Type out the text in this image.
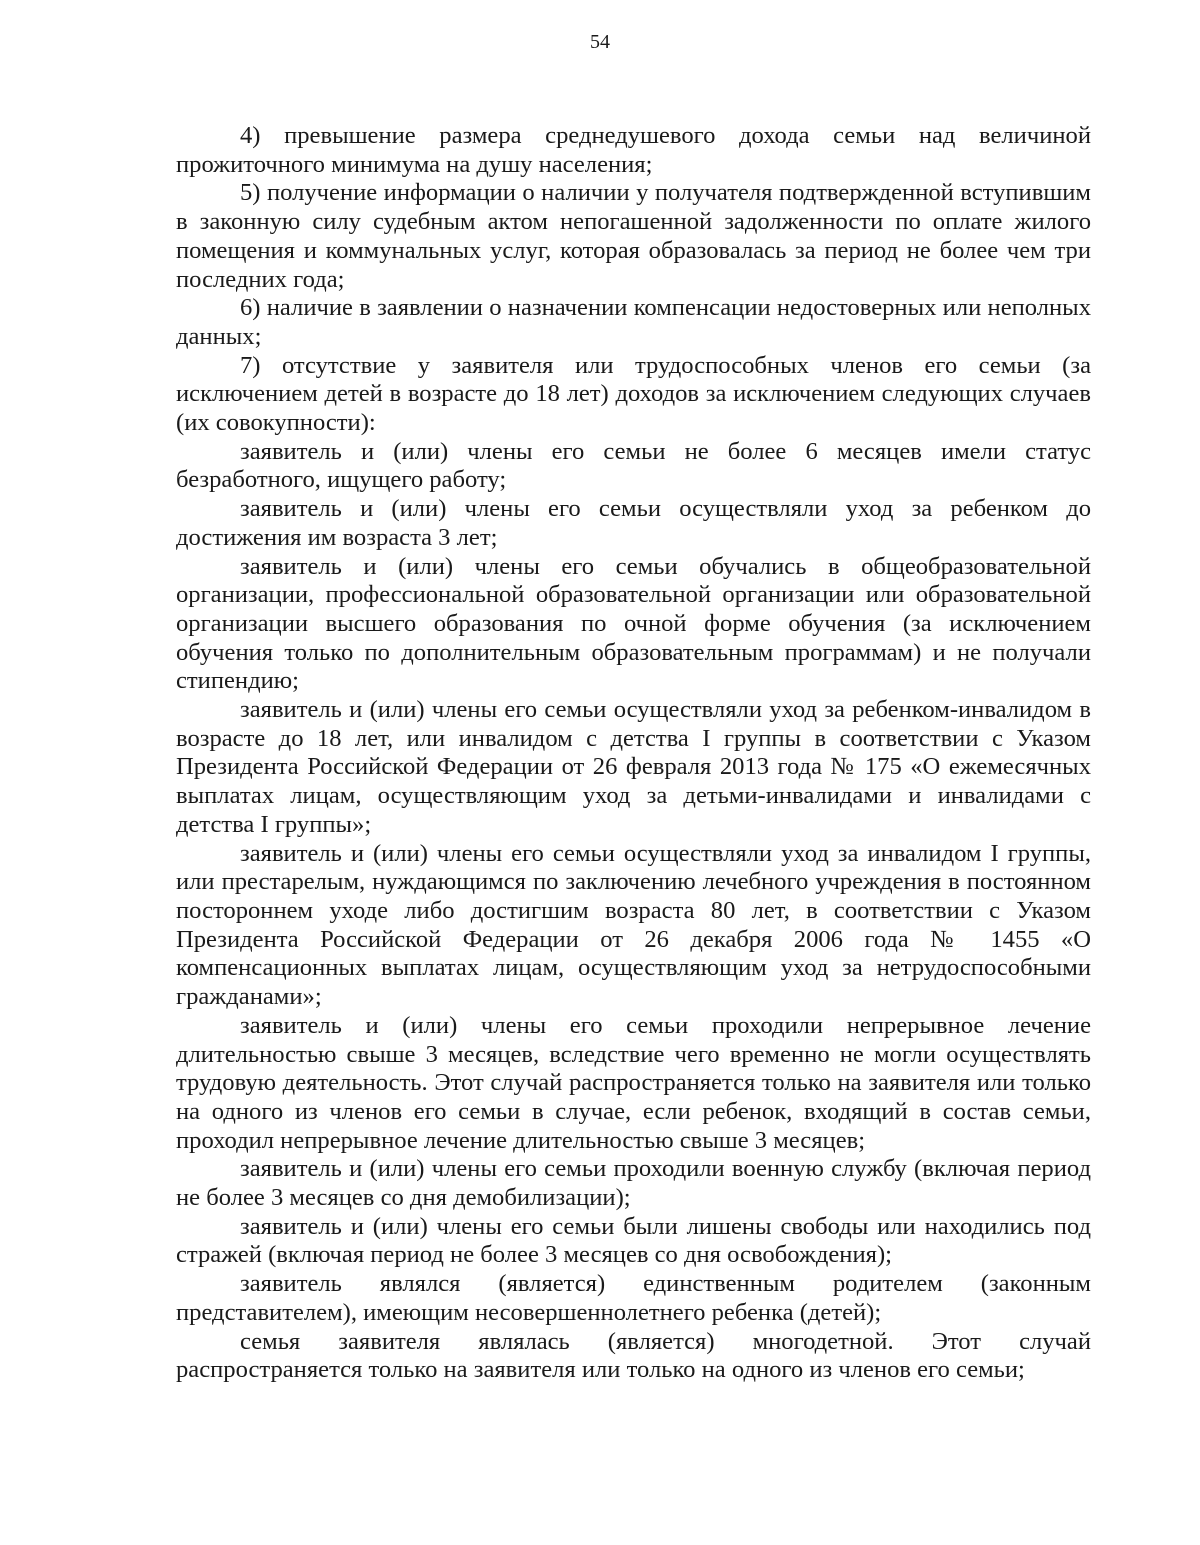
54

4) превышение размера среднедушевого дохода семьи над величиной прожиточного минимума на душу населения;

5) получение информации о наличии у получателя подтвержденной вступившим в законную силу судебным актом непогашенной задолженности по оплате жилого помещения и коммунальных услуг, которая образовалась за период не более чем три последних года;

6) наличие в заявлении о назначении компенсации недостоверных или неполных данных;

7) отсутствие у заявителя или трудоспособных членов его семьи (за исключением детей в возрасте до 18 лет) доходов за исключением следующих случаев (их совокупности):

заявитель и (или) члены его семьи не более 6 месяцев имели статус безработного, ищущего работу;

заявитель и (или) члены его семьи осуществляли уход за ребенком до достижения им возраста 3 лет;

заявитель и (или) члены его семьи обучались в общеобразовательной организации, профессиональной образовательной организации или образовательной организации высшего образования по очной форме обучения (за исключением обучения только по дополнительным образовательным программам) и не получали стипендию;

заявитель и (или) члены его семьи осуществляли уход за ребенком-инвалидом в возрасте до 18 лет, или инвалидом с детства I группы в соответствии с Указом Президента Российской Федерации от 26 февраля 2013 года № 175 «О ежемесячных выплатах лицам, осуществляющим уход за детьми-инвалидами и инвалидами с детства I группы»;

заявитель и (или) члены его семьи осуществляли уход за инвалидом I группы, или престарелым, нуждающимся по заключению лечебного учреждения в постоянном постороннем уходе либо достигшим возраста 80 лет, в соответствии с Указом Президента Российской Федерации от 26 декабря 2006 года № 1455 «О компенсационных выплатах лицам, осуществляющим уход за нетрудоспособными гражданами»;

заявитель и (или) члены его семьи проходили непрерывное лечение длительностью свыше 3 месяцев, вследствие чего временно не могли осуществлять трудовую деятельность. Этот случай распространяется только на заявителя или только на одного из членов его семьи в случае, если ребенок, входящий в состав семьи, проходил непрерывное лечение длительностью свыше 3 месяцев;

заявитель и (или) члены его семьи проходили военную службу (включая период не более 3 месяцев со дня демобилизации);

заявитель и (или) члены его семьи были лишены свободы или находились под стражей (включая период не более 3 месяцев со дня освобождения);

заявитель являлся (является) единственным родителем (законным представителем), имеющим несовершеннолетнего ребенка (детей);

семья заявителя являлась (является) многодетной. Этот случай распространяется только на заявителя или только на одного из членов его семьи;
